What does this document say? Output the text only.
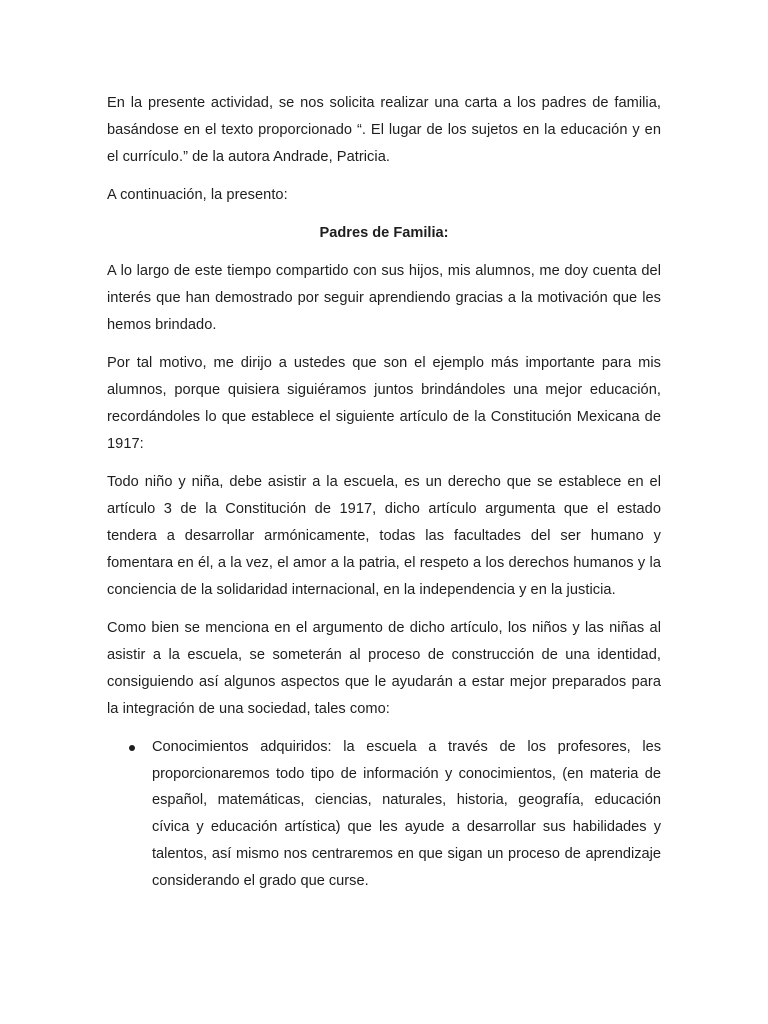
En la presente actividad, se nos solicita realizar una carta a los padres de familia, basándose en el texto proporcionado “. El lugar de los sujetos en la educación y en el currículo.” de la autora Andrade, Patricia.

A continuación, la presento:

Padres de Familia:

A lo largo de este tiempo compartido con sus hijos, mis alumnos, me doy cuenta del interés que han demostrado por seguir aprendiendo gracias a la motivación que les hemos brindado.

Por tal motivo, me dirijo a ustedes que son el ejemplo más importante para mis alumnos, porque quisiera siguiéramos juntos brindándoles una mejor educación, recordándoles lo que establece el siguiente artículo de la Constitución Mexicana de 1917:

Todo niño y niña, debe asistir a la escuela, es un derecho que se establece en el artículo 3 de la Constitución de 1917, dicho artículo argumenta que el estado tendera a desarrollar armónicamente, todas las facultades del ser humano y fomentara en él, a la vez, el amor a la patria, el respeto a los derechos humanos y la conciencia de la solidaridad internacional, en la independencia y en la justicia.

Como bien se menciona en el argumento de dicho artículo, los niños y las niñas al asistir a la escuela, se someterán al proceso de construcción de una identidad, consiguiendo así algunos aspectos que le ayudarán a estar mejor preparados para la integración de una sociedad, tales como:

Conocimientos adquiridos: la escuela a través de los profesores, les proporcionaremos todo tipo de información y conocimientos, (en materia de español, matemáticas, ciencias, naturales, historia, geografía, educación cívica y educación artística) que les ayude a desarrollar sus habilidades y talentos, así mismo nos centraremos en que sigan un proceso de aprendizaje considerando el grado que curse.
